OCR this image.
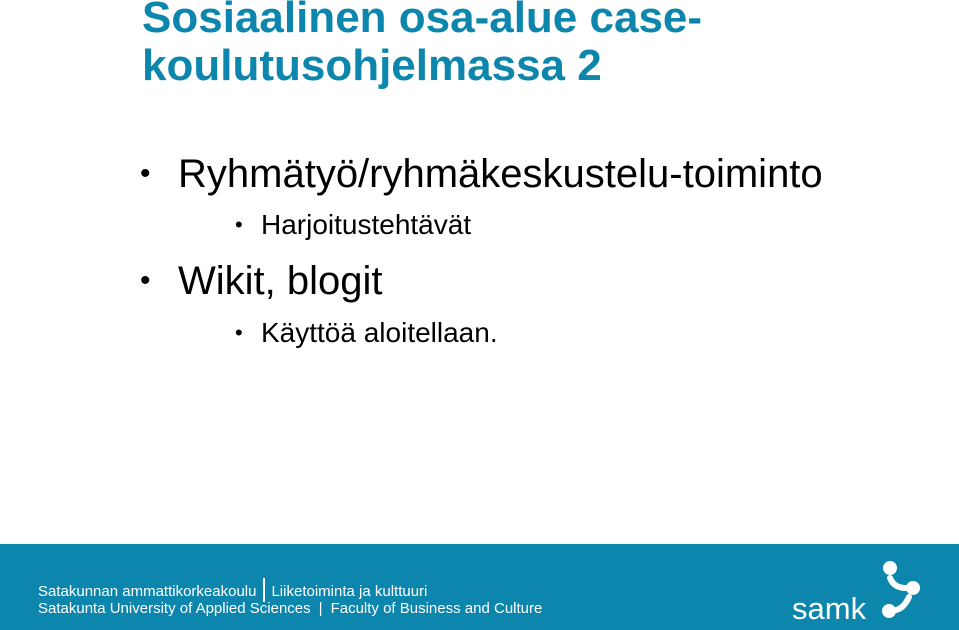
Sosiaalinen osa-alue case-koulutusohjelmassa 2
• Ryhmätyö/ryhmäkeskustelu-toiminto
• Harjoitustehtävät
• Wikit, blogit
• Käyttöä aloitellaan.
Satakunnan ammattikorkeakoulu Liiketoiminta ja kulttuuri
Satakunta University of Applied Sciences | Faculty of Business and Culture	samk
